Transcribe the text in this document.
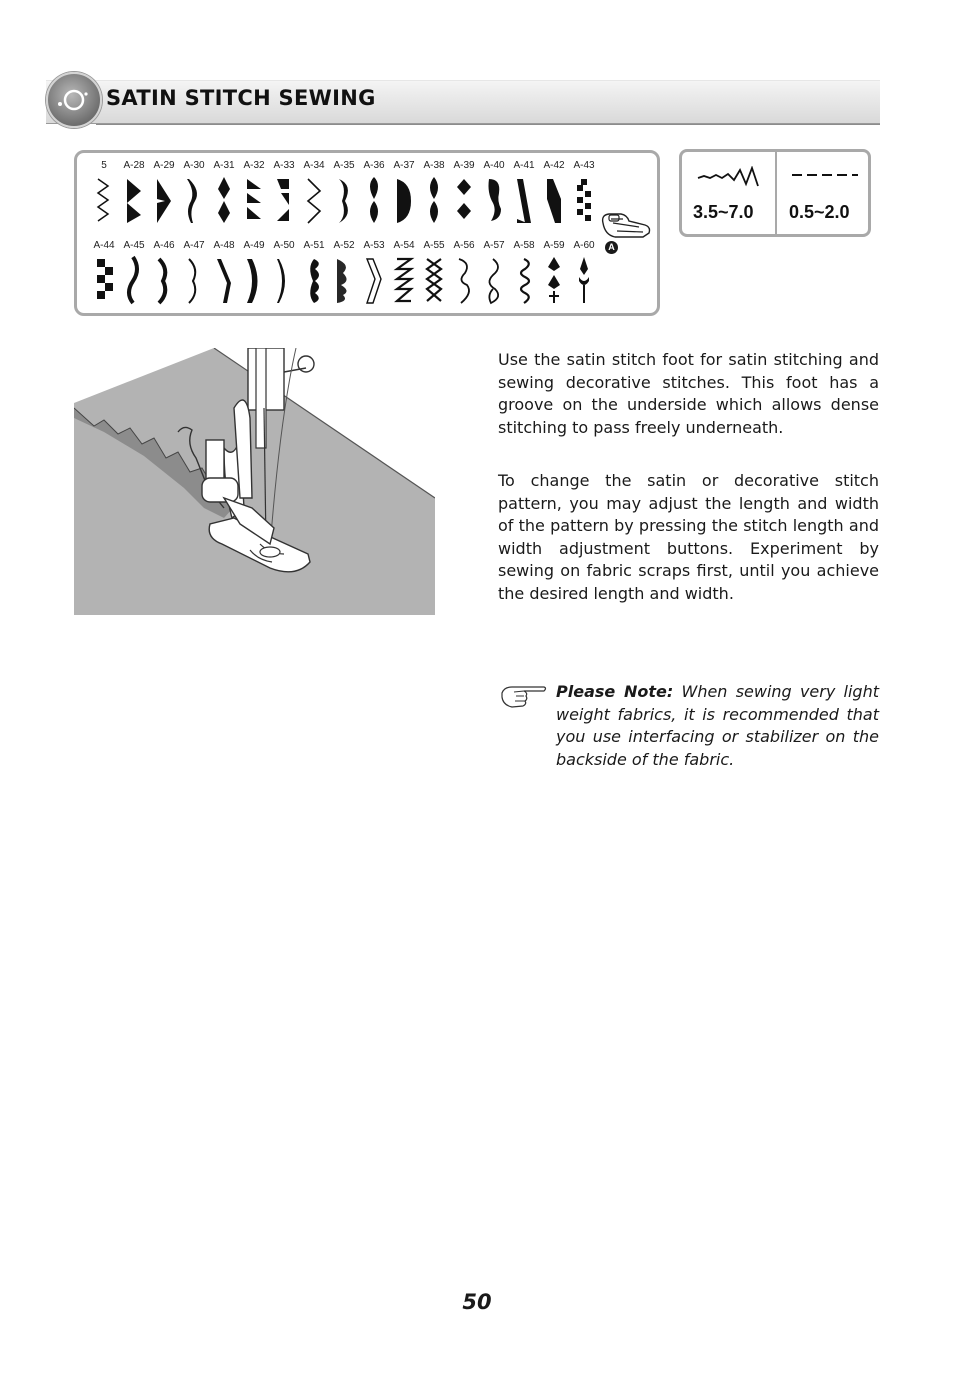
SATIN STITCH SEWING
5	A-28 A-29 A-30 A-31 A-32 A-33 A-34 A-35 A-36 A-37 A-38 A-39 A-40 A-41 A-42 A-43
A-44 A-45 A-46 A-47 A-48 A-49 A-50 A-51 A-52 A-53 A-54 A-55 A-56 A-57 A-58 A-59 A-60	A
3.5~7.0 0.5~2.0
Use the satin stitch foot for satin stitching and sewing decorative stitches. This foot has a groove on the underside which allows dense stitching to pass freely underneath.
To change the satin or decorative stitch pattern, you may adjust the length and width of the pattern by pressing the stitch length and width adjustment buttons. Experiment by sewing on fabric scraps first, until you achieve the desired length and width.
Please Note: When sewing very light weight fabrics, it is recommended that you use interfacing or stabilizer on the backside of the fabric.
50
